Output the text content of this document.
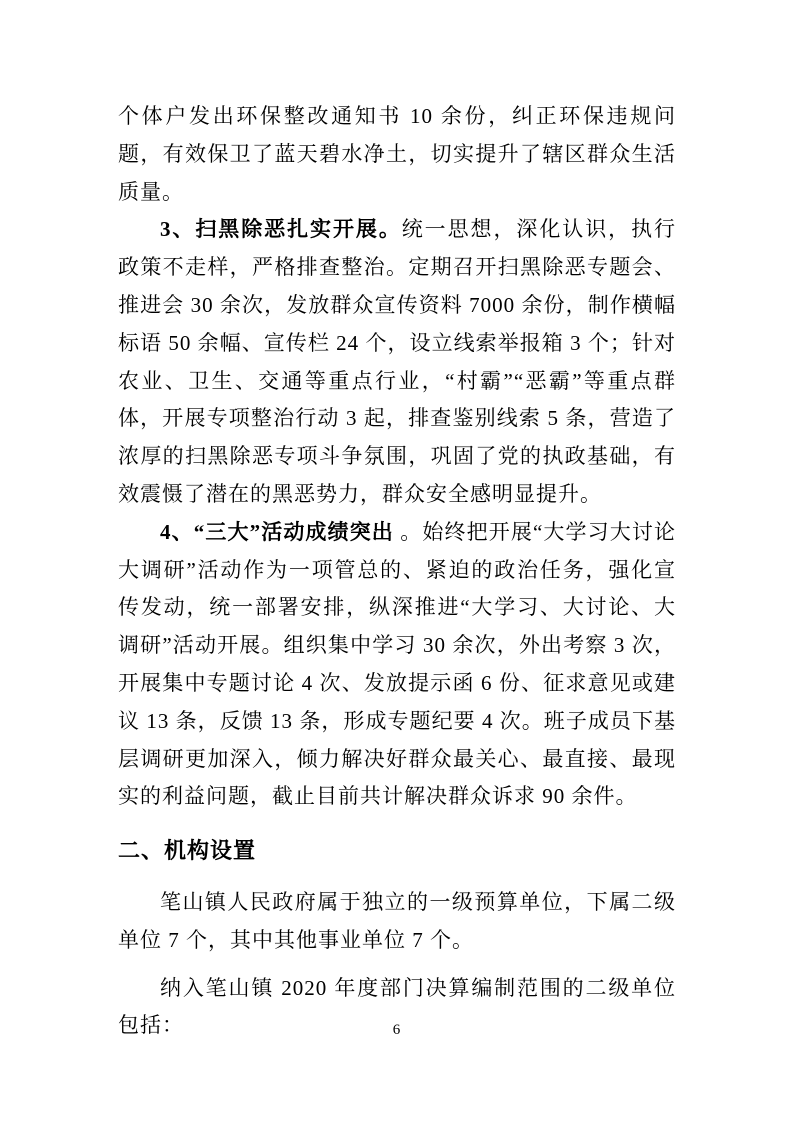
个体户发出环保整改通知书 10 余份，纠正环保违规问题，有效保卫了蓝天碧水净土，切实提升了辖区群众生活质量。

3、扫黑除恶扎实开展。统一思想，深化认识，执行政策不走样，严格排查整治。定期召开扫黑除恶专题会、推进会 30 余次，发放群众宣传资料 7000 余份，制作横幅标语 50 余幅、宣传栏 24 个，设立线索举报箱 3 个；针对农业、卫生、交通等重点行业，“村霸”“恶霸”等重点群体，开展专项整治行动 3 起，排查鉴别线索 5 条，营造了浓厚的扫黑除恶专项斗争氛围，巩固了党的执政基础，有效震慑了潜在的黑恶势力，群众安全感明显提升。

4、“三大”活动成绩突出 。始终把开展“大学习大讨论大调研”活动作为一项管总的、紧迫的政治任务，强化宣传发动，统一部署安排，纵深推进“大学习、大讨论、大调研”活动开展。组织集中学习 30 余次，外出考察 3 次，开展集中专题讨论 4 次、发放提示函 6 份、征求意见或建议 13 条，反馈 13 条，形成专题纪要 4 次。班子成员下基层调研更加深入，倾力解决好群众最关心、最直接、最现实的利益问题，截止目前共计解决群众诉求 90 余件。

二、机构设置

笔山镇人民政府属于独立的一级预算单位，下属二级单位 7 个，其中其他事业单位 7 个。

纳入笔山镇 2020 年度部门决算编制范围的二级单位包括：	6
